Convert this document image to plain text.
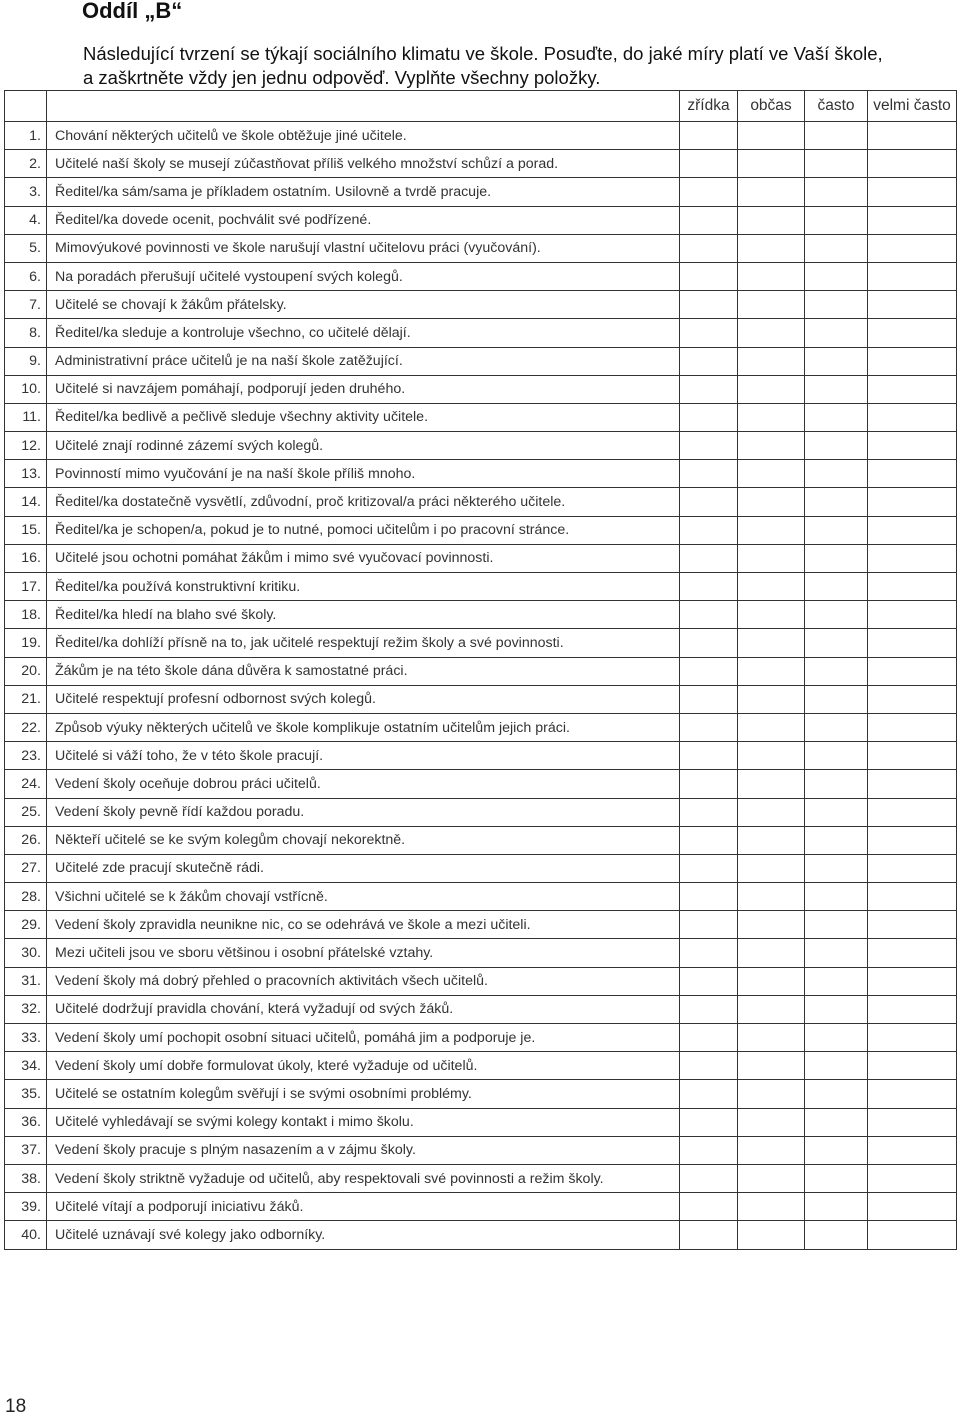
Oddíl „B“

Následující tvrzení se týkají sociálního klimatu ve škole. Posuďte, do jaké míry platí ve Vaší škole,
a zaškrtněte vždy jen jednu odpověď. Vyplňte všechny položky.

		zřídka	občas	často	velmi často
1.	Chování některých učitelů ve škole obtěžuje jiné učitele.				
2.	Učitelé naší školy se musejí zúčastňovat příliš velkého množství schůzí a porad.				
3.	Ředitel/ka sám/sama je příkladem ostatním. Usilovně a tvrdě pracuje.				
4.	Ředitel/ka dovede ocenit, pochválit své podřízené.				
5.	Mimovýukové povinnosti ve škole narušují vlastní učitelovu práci (vyučování).				
6.	Na poradách přerušují učitelé vystoupení svých kolegů.				
7.	Učitelé se chovají k žákům přátelsky.				
8.	Ředitel/ka sleduje a kontroluje všechno, co učitelé dělají.				
9.	Administrativní práce učitelů je na naší škole zatěžující.				
10.	Učitelé si navzájem pomáhají, podporují jeden druhého.				
11.	Ředitel/ka bedlivě a pečlivě sleduje všechny aktivity učitele.				
12.	Učitelé znají rodinné zázemí svých kolegů.				
13.	Povinností mimo vyučování je na naší škole příliš mnoho.				
14.	Ředitel/ka dostatečně vysvětlí, zdůvodní, proč kritizoval/a práci některého učitele.				
15.	Ředitel/ka je schopen/a, pokud je to nutné, pomoci učitelům i po pracovní stránce.				
16.	Učitelé jsou ochotni pomáhat žákům i mimo své vyučovací povinnosti.				
17.	Ředitel/ka používá konstruktivní kritiku.				
18.	Ředitel/ka hledí na blaho své školy.				
19.	Ředitel/ka dohlíží přísně na to, jak učitelé respektují režim školy a své povinnosti.				
20.	Žákům je na této škole dána důvěra k samostatné práci.				
21.	Učitelé respektují profesní odbornost svých kolegů.				
22.	Způsob výuky některých učitelů ve škole komplikuje ostatním učitelům jejich práci.				
23.	Učitelé si váží toho, že v této škole pracují.				
24.	Vedení školy oceňuje dobrou práci učitelů.				
25.	Vedení školy pevně řídí každou poradu.				
26.	Někteří učitelé se ke svým kolegům chovají nekorektně.				
27.	Učitelé zde pracují skutečně rádi.				
28.	Všichni učitelé se k žákům chovají vstřícně.				
29.	Vedení školy zpravidla neunikne nic, co se odehrává ve škole a mezi učiteli.				
30.	Mezi učiteli jsou ve sboru většinou i osobní přátelské vztahy.				
31.	Vedení školy má dobrý přehled o pracovních aktivitách všech učitelů.				
32.	Učitelé dodržují pravidla chování, která vyžadují od svých žáků.				
33.	Vedení školy umí pochopit osobní situaci učitelů, pomáhá jim a podporuje je.				
34.	Vedení školy umí dobře formulovat úkoly, které vyžaduje od učitelů.				
35.	Učitelé se ostatním kolegům svěřují i se svými osobními problémy.				
36.	Učitelé vyhledávají se svými kolegy kontakt i mimo školu.				
37.	Vedení školy pracuje s plným nasazením a v zájmu školy.				
38.	Vedení školy striktně vyžaduje od učitelů, aby respektovali své povinnosti a režim školy.				
39.	Učitelé vítají a podporují iniciativu žáků.				
40.	Učitelé uznávají své kolegy jako odborníky.				

18
